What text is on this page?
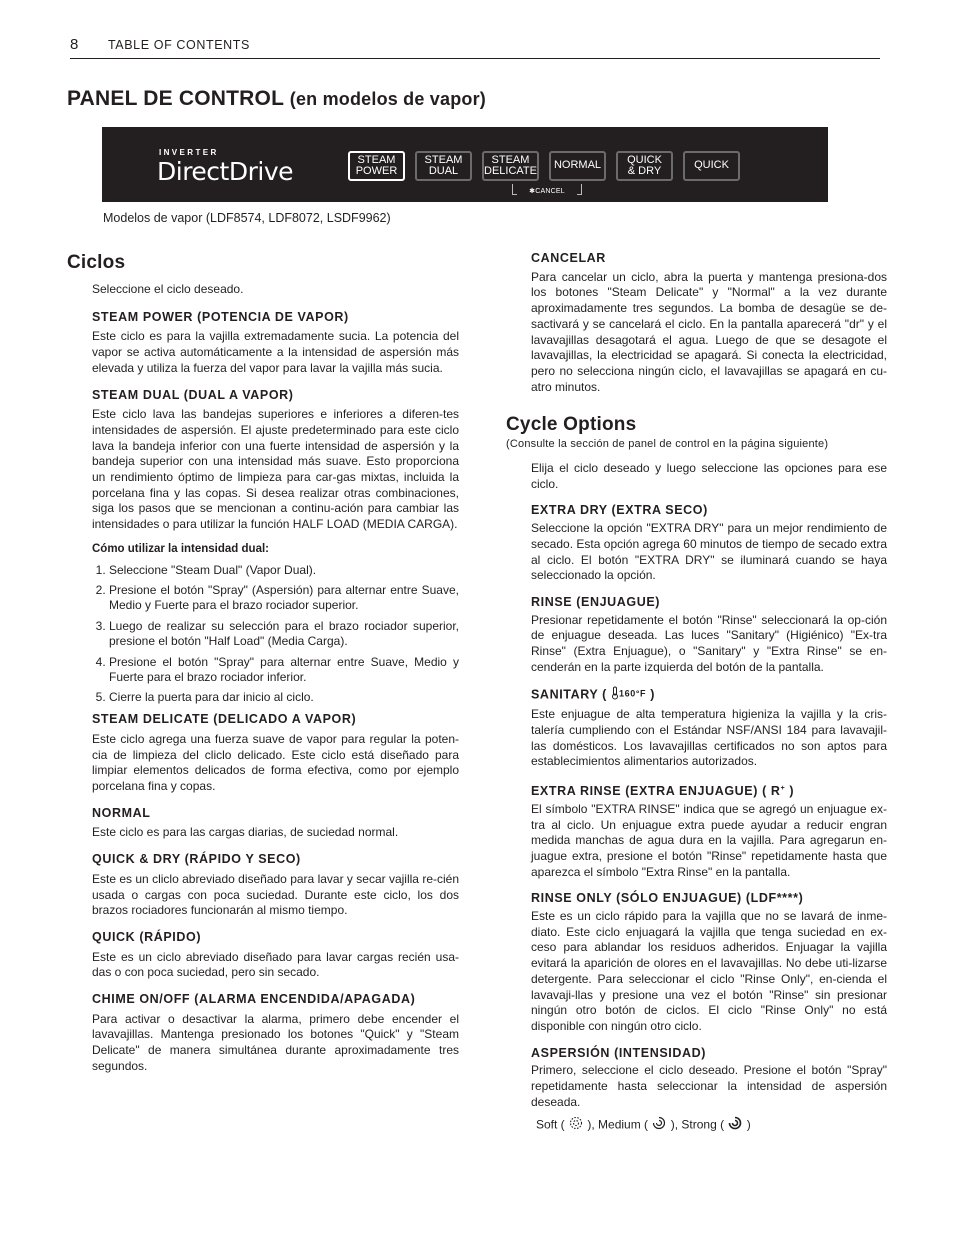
8 TABLE OF CONTENTS
PANEL DE CONTROL (en modelos de vapor)
INVERTER
DirectDrive	STEAM
POWER
STEAM
DUAL
STEAM
DELICATE	NORMAL	QUICK
& DRY	QUICK
✱CANCEL
Modelos de vapor (LDF8574, LDF8072, LSDF9962)
Ciclos

Seleccione el ciclo deseado.

STEAM POWER (POTENCIA DE VAPOR)

Este ciclo es para la vajilla extremadamente sucia. La potencia del vapor se activa automáticamente a la intensidad de aspersión más elevada y utiliza la fuerza del vapor para lavar la vajilla más sucia.

STEAM DUAL (DUAL A VAPOR)

Este ciclo lava las bandejas superiores e inferiores a diferen-tes intensidades de aspersión. El ajuste predeterminado para este ciclo lava la bandeja inferior con una fuerte intensidad de aspersión y la bandeja superior con una intensidad más suave. Esto proporciona un rendimiento óptimo de limpieza para car-gas mixtas, incluida la porcelana fina y las copas. Si desea realizar otras combinaciones, siga los pasos que se mencionan a continu-ación para cambiar las intensidades o para utilizar la función HALF LOAD (MEDIA CARGA).

Cómo utilizar la intensidad dual:

1. Seleccione "Steam Dual" (Vapor Dual).
2. Presione el botón "Spray" (Aspersión) para alternar entre Suave, Medio y Fuerte para el brazo rociador superior.
3. Luego de realizar su selección para el brazo rociador superior, presione el botón "Half Load" (Media Carga).
4. Presione el botón "Spray" para alternar entre Suave, Medio y Fuerte para el brazo rociador inferior.
5. Cierre la puerta para dar inicio al ciclo.
STEAM DELICATE (DELICADO A VAPOR)

Este ciclo agrega una fuerza suave de vapor para regular la poten-cia de limpieza del cliclo delicado. Este ciclo está diseñado para limpiar elementos delicados de forma efectiva, como por ejemplo porcelana fina y copas.

NORMAL

Este ciclo es para las cargas diarias, de suciedad normal.

QUICK & DRY (RÁPIDO Y SECO)

Este es un cliclo abreviado diseñado para lavar y secar vajilla re-cién usada o cargas con poca suciedad. Durante este ciclo, los dos brazos rociadores funcionarán al mismo tiempo.

QUICK (RÁPIDO)

Este es un ciclo abreviado diseñado para lavar cargas recién usa-das o con poca suciedad, pero sin secado.

CHIME ON/OFF (ALARMA ENCENDIDA/APAGADA)

Para activar o desactivar la alarma, primero debe encender el lavavajillas. Mantenga presionado los botones "Quick" y "Steam Delicate" de manera simultánea durante aproximadamente tres segundos.

CANCELAR

Para cancelar un ciclo, abra la puerta y mantenga presiona-dos los botones "Steam Delicate" y "Normal" a la vez durante aproximadamente tres segundos. La bomba de desagüe se de-sactivará y se cancelará el ciclo. En la pantalla aparecerá "dr" y el lavavajillas desagotará el agua. Luego de que se desagote el lavavajillas, la electricidad se apagará. Si conecta la electricidad, pero no selecciona ningún ciclo, el lavavajillas se apagará en cu-atro minutos.

Cycle Options
(Consulte la sección de panel de control en la página siguiente)

Elija el ciclo deseado y luego seleccione las opciones para ese ciclo.

EXTRA DRY (EXTRA SECO)

Seleccione la opción "EXTRA DRY" para un mejor rendimiento de secado. Esta opción agrega 60 minutos de tiempo de secado extra al ciclo. El botón "EXTRA DRY" se iluminará cuando se haya seleccionado la opción.

RINSE (ENJUAGUE)

Presionar repetidamente el botón "Rinse" seleccionará la op-ción de enjuague deseada. Las luces "Sanitary" (Higiénico) "Ex-tra Rinse" (Extra Enjuague), o "Sanitary" y "Extra Rinse" se en-cenderán en la parte izquierda del botón de la pantalla.

SANITARY ( 160°F )

Este enjuague de alta temperatura higieniza la vajilla y la cris-talería cumpliendo con el Estándar NSF/ANSI 184 para lavavajil-las domésticos. Los lavavajillas certificados no son aptos para establecimientos alimentarios autorizados.

EXTRA RINSE (EXTRA ENJUAGUE) ( R+ )

El símbolo "EXTRA RINSE" indica que se agregó un enjuague ex-tra al ciclo. Un enjuague extra puede ayudar a reducir engran medida manchas de agua dura en la vajilla. Para agregarun en-juague extra, presione el botón "Rinse" repetidamente hasta que aparezca el símbolo "Extra Rinse" en la pantalla.

RINSE ONLY (SÓLO ENJUAGUE) (LDF****)

Este es un ciclo rápido para la vajilla que no se lavará de inme-diato. Este ciclo enjuagará la vajilla que tenga suciedad en ex-ceso para ablandar los residuos adheridos. Enjuagar la vajilla evitará la aparición de olores en el lavavajillas. No debe uti-lizarse detergente. Para seleccionar el ciclo "Rinse Only", en-cienda el lavavaji-llas y presione una vez el botón "Rinse" sin presionar ningún otro botón de ciclos. El ciclo "Rinse Only" no está disponible con ningún otro ciclo.

ASPERSIÓN (INTENSIDAD)

Primero, seleccione el ciclo deseado. Presione el botón "Spray" repetidamente hasta seleccionar la intensidad de aspersión deseada.

Soft ( ), Medium ( ), Strong ( )
